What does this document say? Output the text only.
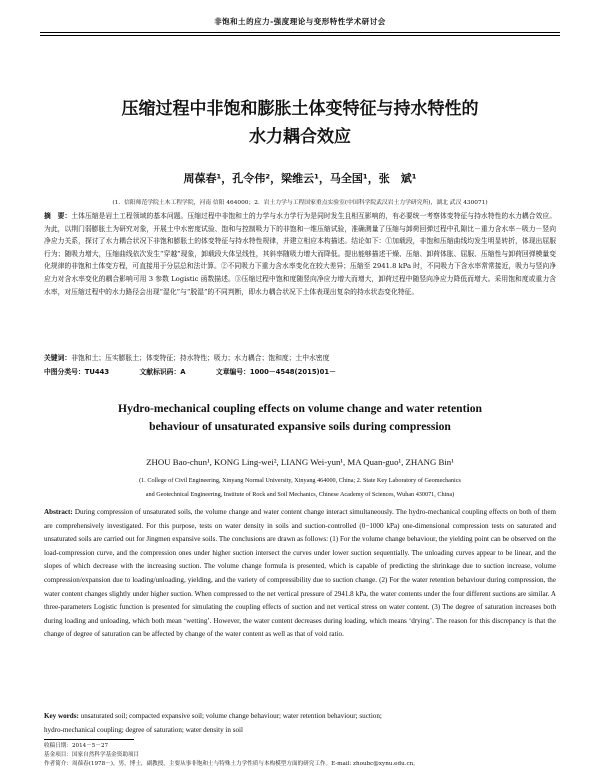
非饱和土的应力-强度理论与变形特性学术研讨会
压缩过程中非饱和膨胀土体变特征与持水特性的
水力耦合效应
周葆春¹，孔令伟²，梁维云¹，马全国¹，张　斌¹
(1．信阳师范学院土木工程学院，河南 信阳 464000；2．岩土力学与工程国家重点实验室(中国科学院武汉岩土力学研究所)，湖北 武汉 430071)
摘　要：土体压缩是岩土工程领域的基本问题。压缩过程中非饱和土的力学与水力学行为是同时发生且相互影响的，有必要统一考察体变特征与持水特性的水力耦合效应。为此，以荆门弱膨胀土为研究对象，开展土中水密度试验、饱和与控制吸力下的非饱和一维压缩试验，准确测量了压缩与卸荷回弹过程中孔隙比－重力含水率－吸力－竖向净应力关系，探讨了水力耦合状况下非饱和膨胀土的体变特征与持水特性规律，并建立相应本构描述。结论如下：①加载段，非饱和压缩曲线均发生明显转折，体现出屈服行为；随吸力增大，压缩曲线依次发生“穿越”现象，卸载段大体呈线性，其斜率随吸力增大而降低。提出能够描述干燥、压缩、卸荷体胀、屈服、压缩性与卸荷回弹模量变化规律的非饱和土体变方程，可直接用于分层总和法计算。②不同吸力下重力含水率变化在较大差异；压缩至 2941.8 kPa 时，不同吸力下含水率常常接近，吸力与竖向净应力对含水率变化的耦合影响可用 3 参数 Logistic 函数描述。③压缩过程中饱和度随竖向净应力增大而增大，卸荷过程中随竖向净应力降低而增大。采用饱和度或重力含水率，对压缩过程中的水力路径会出现“湿化”与“脱湿”的不同判断，即水力耦合状况下土体表现出复杂的持水状态变化特征。
关键词：非饱和土；压实膨胀土；体变特征；持水特性；吸力；水力耦合；饱和度；土中水密度
中图分类号：TU443	文献标识码：A	文章编号：1000－4548(2015)01－
Hydro-mechanical coupling effects on volume change and water retention
behaviour of unsaturated expansive soils during compression
ZHOU Bao-chun¹, KONG Ling-wei², LIANG Wei-yun¹, MA Quan-guo¹, ZHANG Bin¹
(1. College of Civil Engineering, Xinyang Normal University, Xinyang 464000, China; 2. State Key Laboratory of Geomechanics
and Geotechnical Engineering, Institute of Rock and Soil Mechanics, Chinese Academy of Sciences, Wuhan 430071, China)
Abstract: During compression of unsaturated soils, the volume change and water content change interact simultaneously. The hydro-mechanical coupling effects on both of them are comprehensively investigated. For this purpose, tests on water density in soils and suction-controlled (0−1000 kPa) one-dimensional compression tests on saturated and unsaturated soils are carried out for Jingmen expansive soils. The conclusions are drawn as follows: (1) For the volume change behaviour, the yielding point can be observed on the load-compression curve, and the compression ones under higher suction intersect the curves under lower suction sequentially. The unloading curves appear to be linear, and the slopes of which decrease with the increasing suction. The volume change formula is presented, which is capable of predicting the shrinkage due to suction increase, volume compression/expansion due to loading/unloading, yielding, and the variety of compressibility due to suction change. (2) For the water retention behaviour during compression, the water content changes slightly under higher suction. When compressed to the net vertical pressure of 2941.8 kPa, the water contents under the four different suctions are similar. A three-parameters Logistic function is presented for simulating the coupling effects of suction and net vertical stress on water content. (3) The degree of saturation increases both during loading and unloading, which both mean ‘wetting’. However, the water content decreases during loading, which means ‘drying’. The reason for this discrepancy is that the change of degree of saturation can be affected by change of the water content as well as that of void ratio.
Key words: unsaturated soil; compacted expansive soil; volume change behaviour; water retention behaviour; suction;
hydro-mechanical coupling; degree of saturation; water density in soil
收稿日期：2014－5－27
基金项目：国家自然科学基金资助项目
作者简介：周葆春(1978－)，男，博士，副教授，主要从事非饱和土与特殊土力学性质与本构模型方面的研究工作。E-mail: zhoubc@xynu.edu.cn。
